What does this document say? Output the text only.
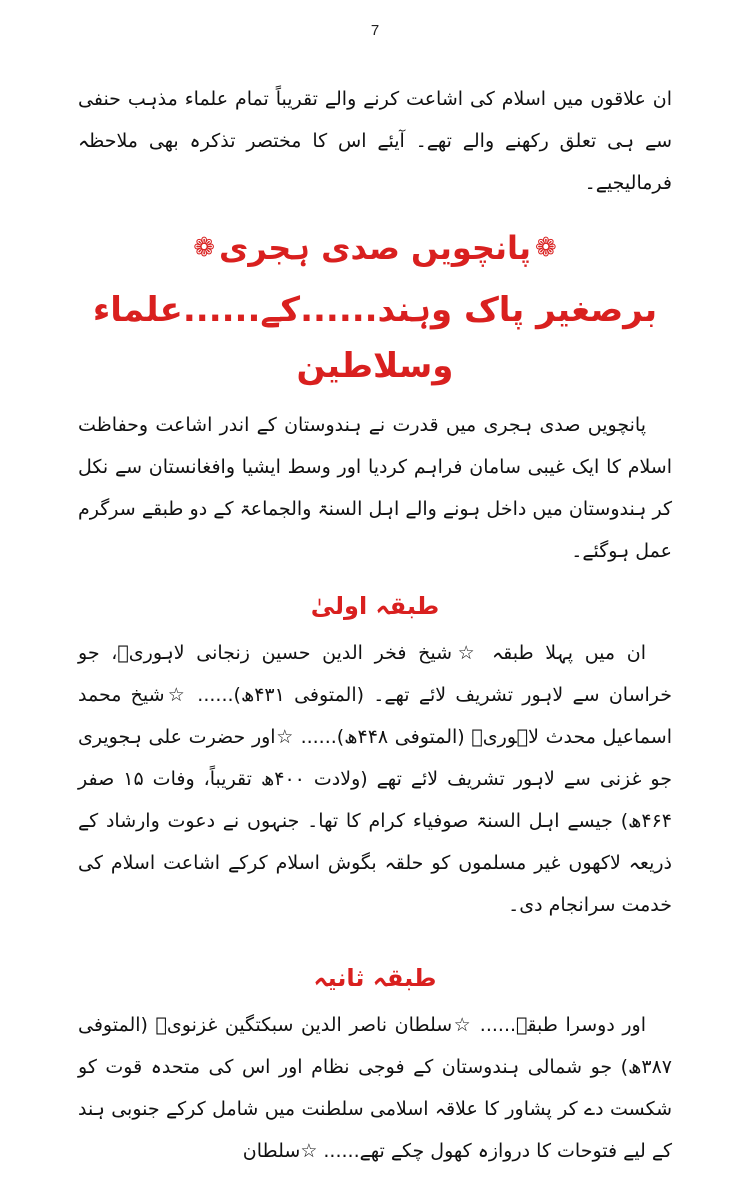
7

ان علاقوں میں اسلام کی اشاعت کرنے والے تقریباً تمام علماء مذہب حنفی سے ہی تعلق رکھنے والے تھے۔ آیئے اس کا مختصر تذکرہ بھی ملاحظہ فرمالیجیے۔

❁
پانچویں صدی ہجری
❁
برصغیر پاک وہند......کے......علماء وسلاطین

پانچویں صدی ہجری میں قدرت نے ہندوستان کے اندر اشاعت وحفاظت اسلام کا ایک غیبی سامان فراہم کردیا اور وسط ایشیا وافغانستان سے نکل کر ہندوستان میں داخل ہونے والے اہل السنۃ والجماعۃ کے دو طبقے سرگرم عمل ہوگئے۔

طبقہ اولیٰ

ان میں پہلا طبقہ ☆شیخ فخر الدین حسین زنجانی لاہوریؒ، جو خراسان سے لاہور تشریف لائے تھے۔ (المتوفی ۴۳۱ھ)...... ☆شیخ محمد اسماعیل محدث لاہوریؒ (المتوفی ۴۴۸ھ)...... ☆اور حضرت علی ہجویری جو غزنی سے لاہور تشریف لائے تھے (ولادت ۴۰۰ھ تقریباً، وفات ۱۵ صفر ۴۶۴ھ) جیسے اہل السنۃ صوفیاء کرام کا تھا۔ جنہوں نے دعوت وارشاد کے ذریعہ لاکھوں غیر مسلموں کو حلقہ بگوش اسلام کرکے اشاعت اسلام کی خدمت سرانجام دی۔

طبقہ ثانیہ

اور دوسرا طبقہ...... ☆سلطان ناصر الدین سبکتگین غزنویؒ (المتوفی ۳۸۷ھ) جو شمالی ہندوستان کے فوجی نظام اور اس کی متحدہ قوت کو شکست دے کر پشاور کا علاقہ اسلامی سلطنت میں شامل کرکے جنوبی ہند کے لیے فتوحات کا دروازہ کھول چکے تھے...... ☆سلطان
